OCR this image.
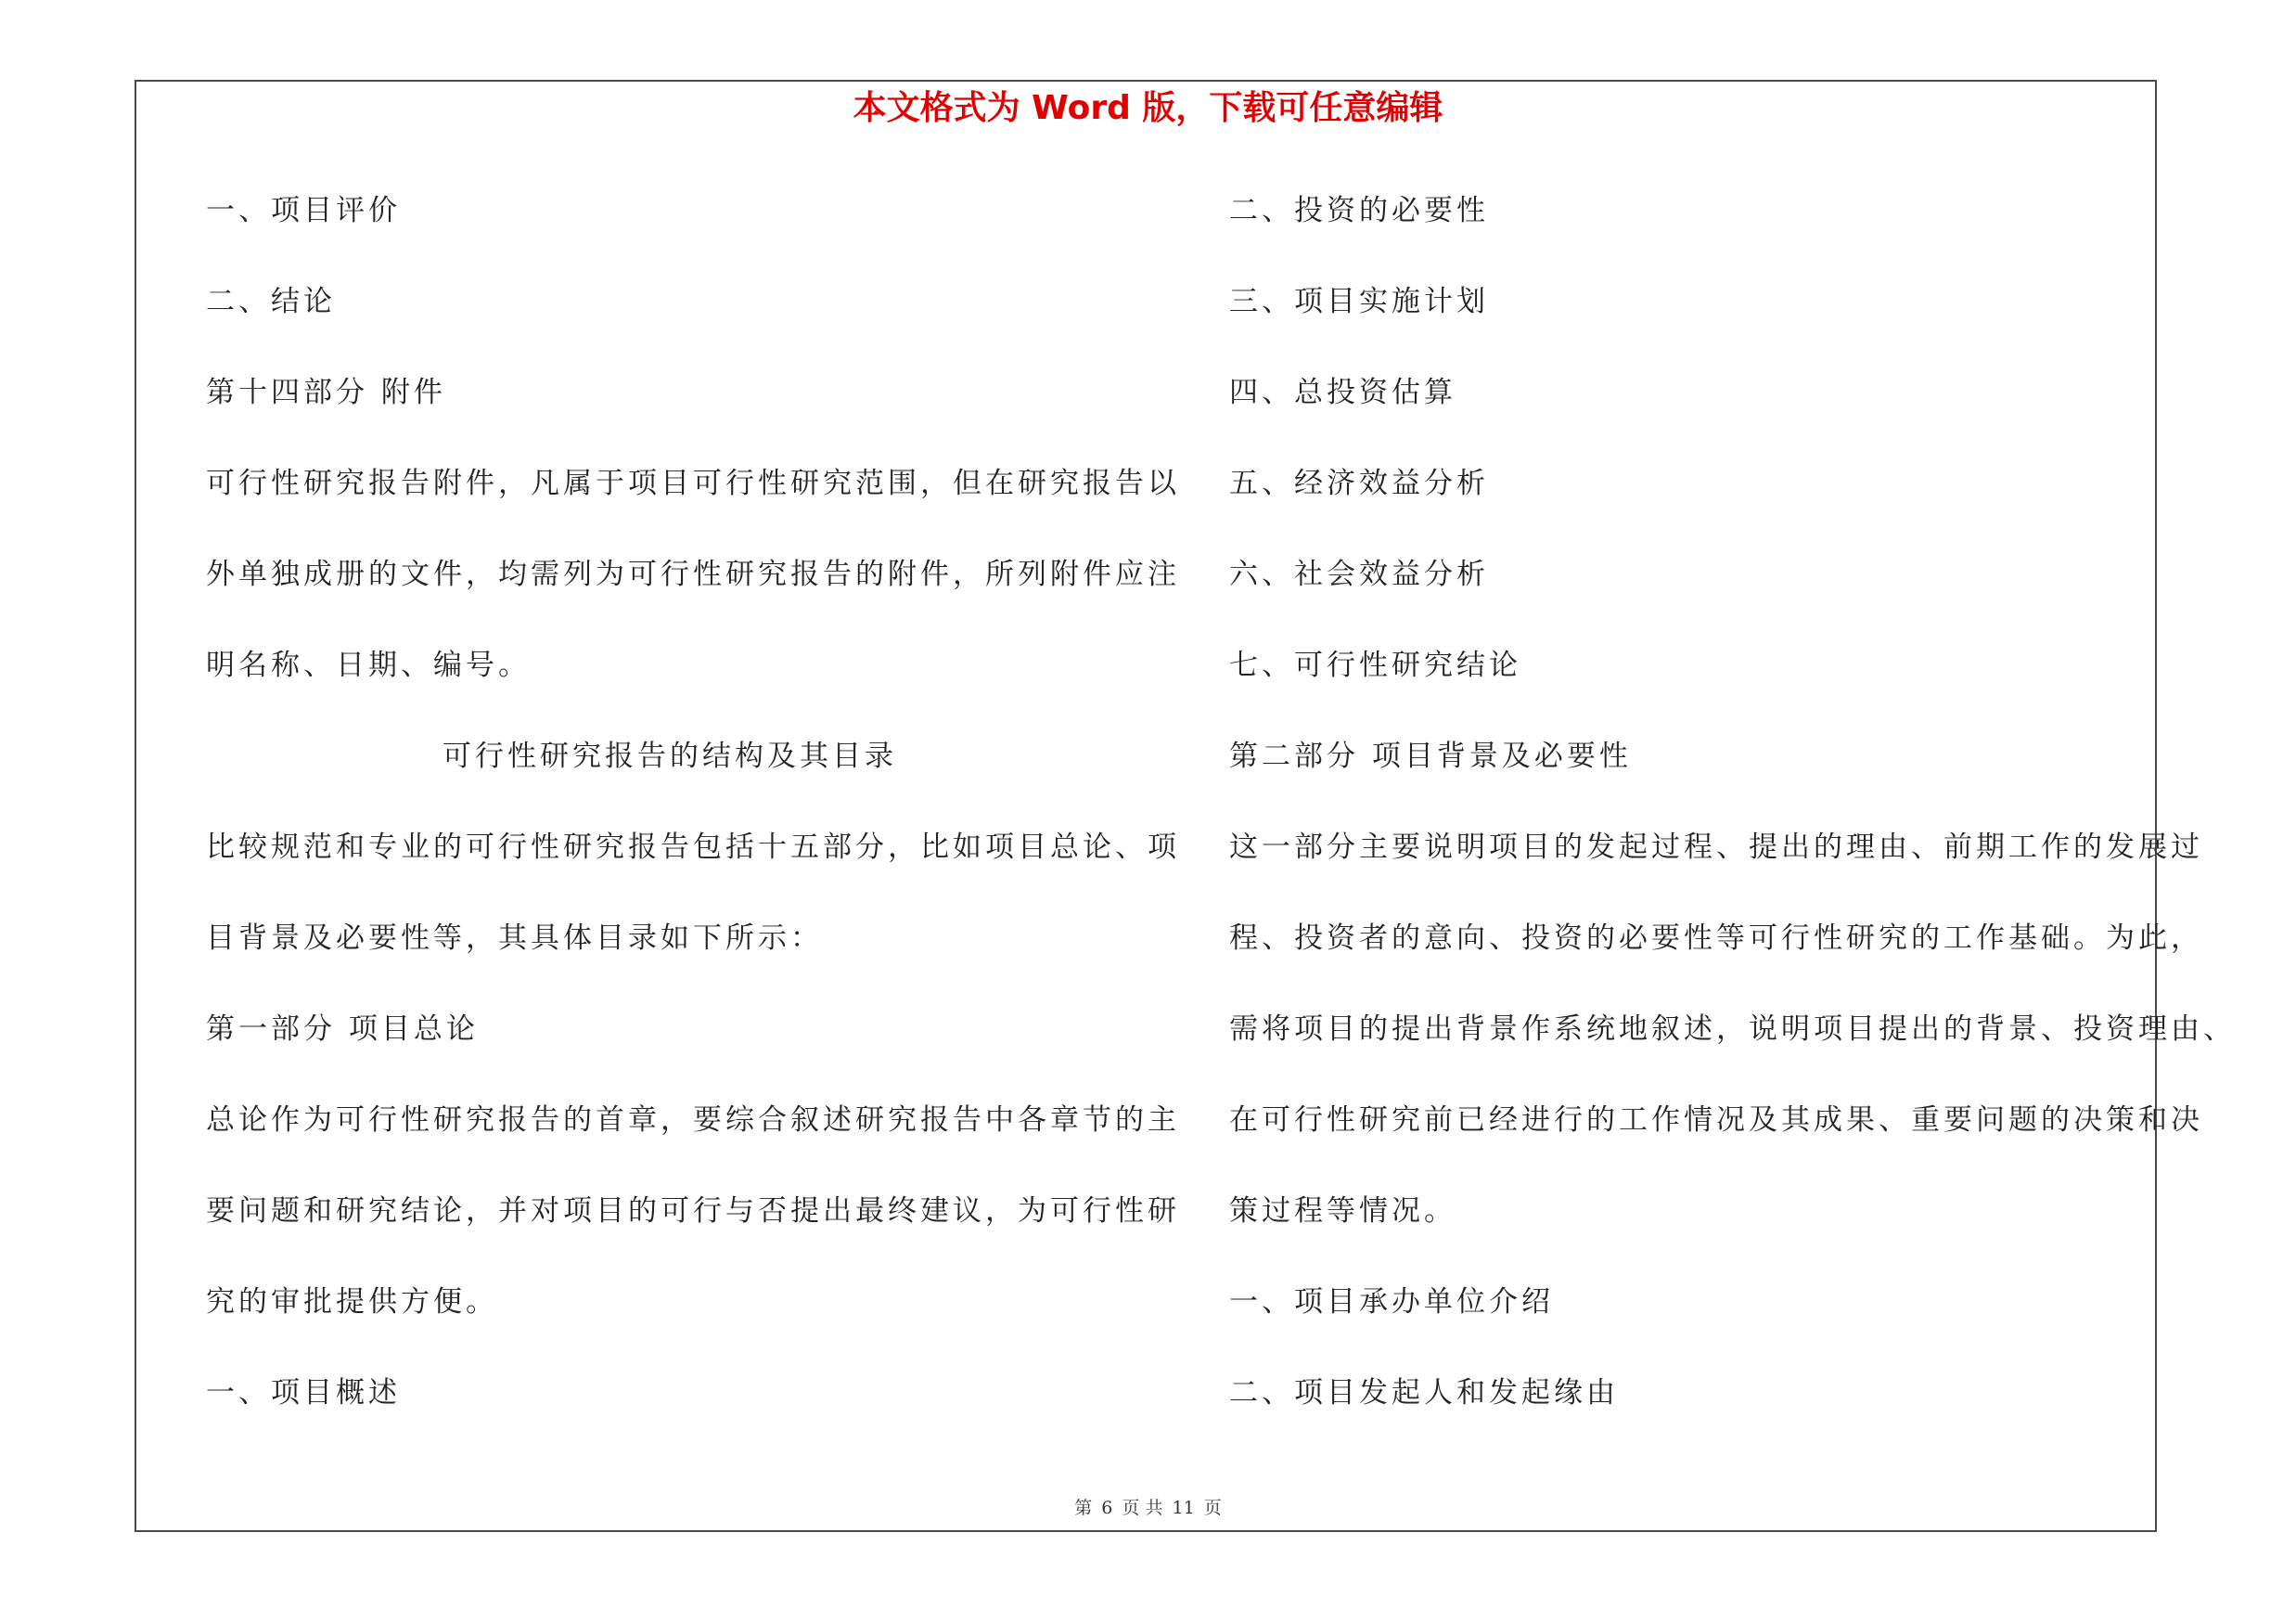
本文格式为 Word 版，下载可任意编辑
一、项目评价
二、结论
第十四部分 附件
可行性研究报告附件，凡属于项目可行性研究范围，但在研究报告以
外单独成册的文件，均需列为可行性研究报告的附件，所列附件应注
明名称、日期、编号。
可行性研究报告的结构及其目录
比较规范和专业的可行性研究报告包括十五部分，比如项目总论、项
目背景及必要性等，其具体目录如下所示：
第一部分 项目总论
总论作为可行性研究报告的首章，要综合叙述研究报告中各章节的主
要问题和研究结论，并对项目的可行与否提出最终建议，为可行性研
究的审批提供方便。
一、项目概述
二、投资的必要性
三、项目实施计划
四、总投资估算
五、经济效益分析
六、社会效益分析
七、可行性研究结论
第二部分 项目背景及必要性
这一部分主要说明项目的发起过程、提出的理由、前期工作的发展过
程、投资者的意向、投资的必要性等可行性研究的工作基础。为此，
需将项目的提出背景作系统地叙述，说明项目提出的背景、投资理由、
在可行性研究前已经进行的工作情况及其成果、重要问题的决策和决
策过程等情况。
一、项目承办单位介绍
二、项目发起人和发起缘由
第 6 页 共 11 页
